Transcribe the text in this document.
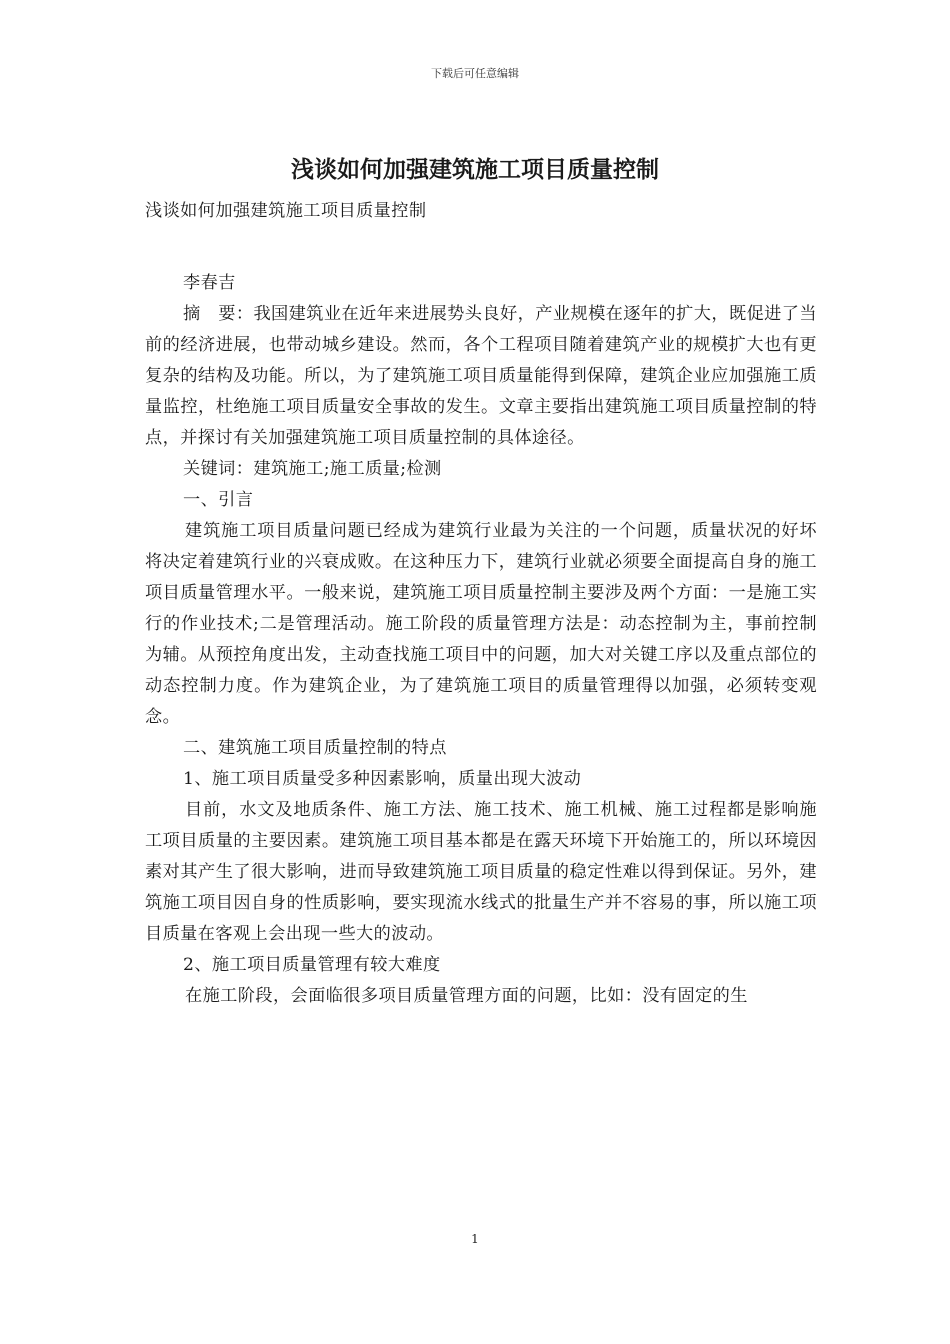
下载后可任意编辑
浅谈如何加强建筑施工项目质量控制

浅谈如何加强建筑施工项目质量控制

李春吉

摘　要：我国建筑业在近年来进展势头良好，产业规模在逐年的扩大，既促进了当前的经济进展，也带动城乡建设。然而，各个工程项目随着建筑产业的规模扩大也有更复杂的结构及功能。所以，为了建筑施工项目质量能得到保障，建筑企业应加强施工质量监控，杜绝施工项目质量安全事故的发生。文章主要指出建筑施工项目质量控制的特点，并探讨有关加强建筑施工项目质量控制的具体途径。

关键词：建筑施工;施工质量;检测

一、引言

建筑施工项目质量问题已经成为建筑行业最为关注的一个问题，质量状况的好坏将决定着建筑行业的兴衰成败。在这种压力下，建筑行业就必须要全面提高自身的施工项目质量管理水平。一般来说，建筑施工项目质量控制主要涉及两个方面：一是施工实行的作业技术;二是管理活动。施工阶段的质量管理方法是：动态控制为主，事前控制为辅。从预控角度出发，主动查找施工项目中的问题，加大对关键工序以及重点部位的动态控制力度。作为建筑企业，为了建筑施工项目的质量管理得以加强，必须转变观念。

二、建筑施工项目质量控制的特点

1、施工项目质量受多种因素影响，质量出现大波动

目前，水文及地质条件、施工方法、施工技术、施工机械、施工过程都是影响施工项目质量的主要因素。建筑施工项目基本都是在露天环境下开始施工的，所以环境因素对其产生了很大影响，进而导致建筑施工项目质量的稳定性难以得到保证。另外，建筑施工项目因自身的性质影响，要实现流水线式的批量生产并不容易的事，所以施工项目质量在客观上会出现一些大的波动。

2、施工项目质量管理有较大难度

在施工阶段，会面临很多项目质量管理方面的问题，比如：没有固定的生

1
